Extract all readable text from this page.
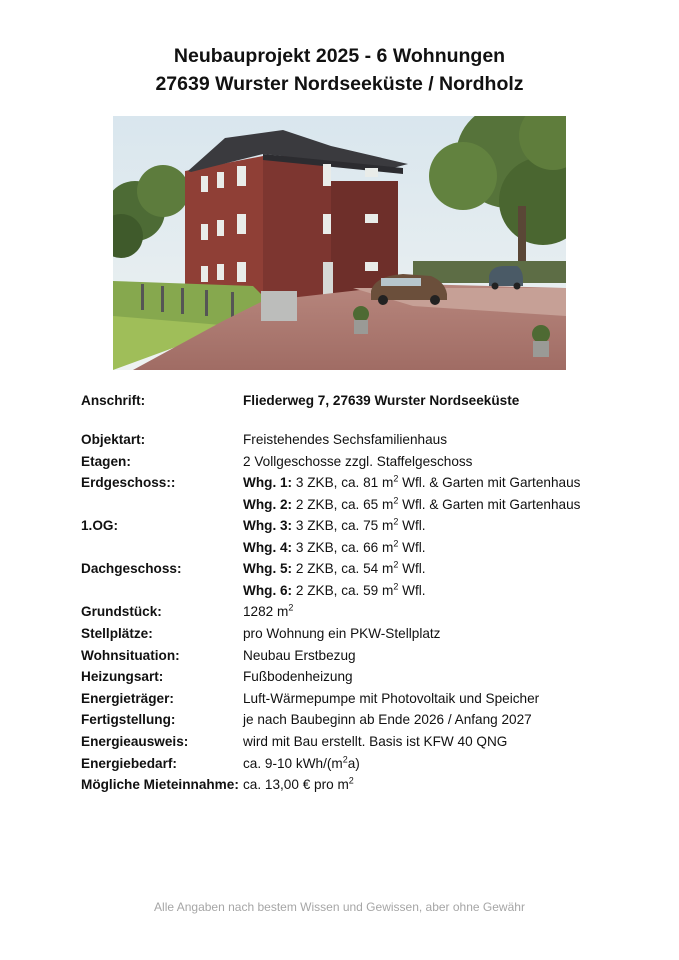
Neubauprojekt 2025 - 6 Wohnungen
27639 Wurster Nordseeküste / Nordholz
Anschrift:	Fliederweg 7, 27639 Wurster Nordseeküste
Objektart:	Freistehendes Sechsfamilienhaus
Etagen:	2 Vollgeschosse zzgl. Staffelgeschoss
Erdgeschoss::	Whg. 1: 3 ZKB, ca. 81 $m^2$ Wfl. & Garten mit Gartenhaus
Whg. 2: 2 ZKB, ca. 65 $m^2$ Wfl. & Garten mit Gartenhaus
1.OG:	Whg. 3: 3 ZKB, ca. 75 $m^2$ Wfl.
Whg. 4: 3 ZKB, ca. 66 $m^2$ Wfl.
Dachgeschoss:	Whg. 5: 2 ZKB, ca. 54 $m^2$ Wfl.
Whg. 6: 2 ZKB, ca. 59 $m^2$ Wfl.
Grundstück:	1282 $m^2$
Stellplätze:	pro Wohnung ein PKW-Stellplatz
Wohnsituation:	Neubau Erstbezug
Heizungsart:	Fußbodenheizung
Energieträger:	Luft-Wärmepumpe mit Photovoltaik und Speicher
Fertigstellung:	je nach Baubeginn ab Ende 2026 / Anfang 2027
Energieausweis:	wird mit Bau erstellt. Basis ist KFW 40 QNG
Energiebedarf:	ca. 9-10 kWh/$(m^2a)$
Mögliche Mieteinnahme: ca. 13,00 € pro $m^2$
Alle Angaben nach bestem Wissen und Gewissen, aber ohne Gewähr
